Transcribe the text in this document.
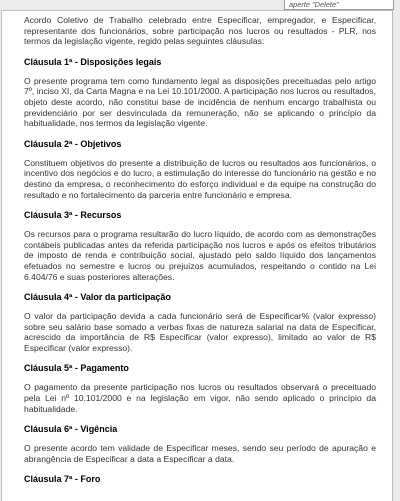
aperte "Delete"

Acordo Coletivo de Trabalho celebrado entre Especificar, empregador, e Especificar, representante dos funcionários, sobre participação nos lucros ou resultados - PLR, nos termos da legislação vigente, regido pelas seguintes cláusulas:

Cláusula 1ª - Disposições legais

O presente programa tem como fundamento legal as disposições preceituadas pelo artigo 7º, inciso XI, da Carta Magna e na Lei 10.101/2000. A participação nos lucros ou resultados, objeto deste acordo, não constitui base de incidência de nenhum encargo trabalhista ou previdenciário por ser desvinculada da remuneração, não se aplicando o princípio da habitualidade, nos termos da legislação vigente.

Cláusula 2ª - Objetivos

Constituem objetivos do presente a distribuição de lucros ou resultados aos funcionários, o incentivo dos negócios e do lucro, a estimulação do interesse do funcionário na gestão e no destino da empresa, o reconhecimento do esforço individual e da equipe na construção do resultado e no fortalecimento da parceria entre funcionário e empresa.

Cláusula 3ª - Recursos

Os recursos para o programa resultarão do lucro líquido, de acordo com as demonstrações contábeis publicadas antes da referida participação nos lucros e após os efeitos tributários de imposto de renda e contribuição social, ajustado pelo saldo líquido dos lançamentos efetuados no semestre e lucros ou prejuízos acumulados, respeitando o contido na Lei 6.404/76 e suas posteriores alterações.

Cláusula 4ª - Valor da participação

O valor da participação devida a cada funcionário será de Especificar% (valor expresso) sobre seu salário base somado a verbas fixas de natureza salarial na data de Especificar, acrescido da importância de R$ Especificar (valor expresso), limitado ao valor de R$ Especificar (valor expresso).

Cláusula 5ª - Pagamento

O pagamento da presente participação nos lucros ou resultados observará o preceituado pela Lei nº 10.101/2000 e na legislação em vigor, não sendo aplicado o princípio da habitualidade.

Cláusula 6ª - Vigência

O presente acordo tem validade de Especificar meses, sendo seu período de apuração e abrangência de Especificar a data a Especificar a data.

Cláusula 7ª - Foro
